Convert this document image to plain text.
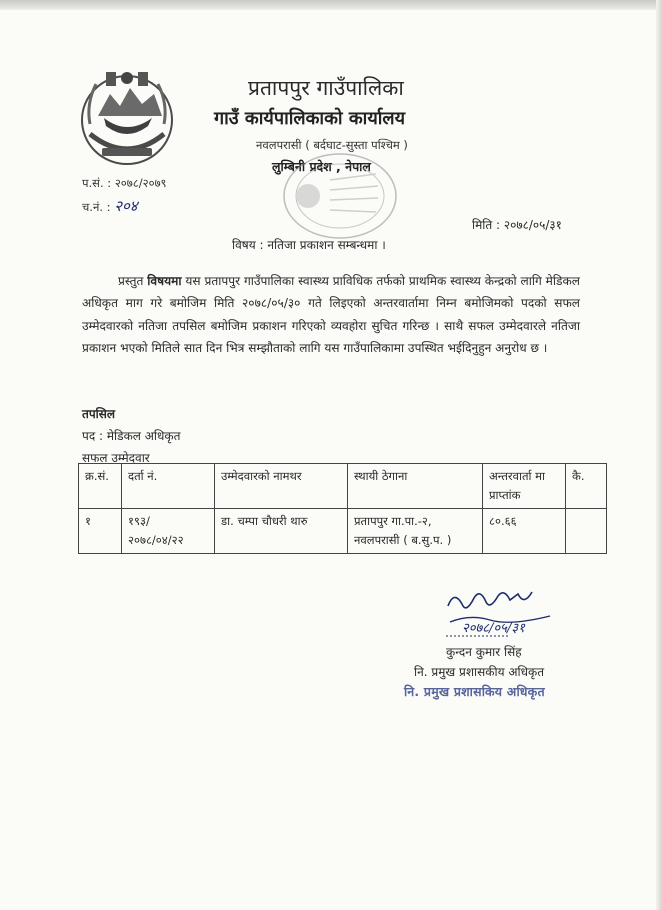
प्रतापपुर गाउँपालिका
गाउँ कार्यपालिकाको कार्यालय
नवलपरासी ( बर्दघाट-सुस्ता पश्चिम )
लुम्बिनी प्रदेश , नेपाल
प.सं. : २०७८/२०७९
च.नं. : २०४
मिति : २०७८/०५/३१
विषय : नतिजा प्रकाशन सम्बन्धमा ।

प्रस्तुत विषयमा यस प्रतापपुर गाउँपालिका स्वास्थ्य प्राविधिक तर्फको प्राथमिक स्वास्थ्य केन्द्रको लागि मेडिकल अधिकृत माग गरे बमोजिम मिति २०७८/०५/३० गते लिइएको अन्तरवार्तामा निम्न बमोजिमको पदको सफल उम्मेदवारको नतिजा तपसिल बमोजिम प्रकाशन गरिएको व्यवहोरा सुचित गरिन्छ । साथै सफल उम्मेदवारले नतिजा प्रकाशन भएको मितिले सात दिन भित्र सम्झौताको लागि यस गाउँपालिकामा उपस्थित भईदिनुहुन अनुरोध छ ।

तपसिल
पद : मेडिकल अधिकृत
सफल उम्मेदवार
क्र.सं.	दर्ता नं.	उम्मेदवारको नामथर	स्थायी ठेगाना	अन्तरवार्ता मा प्राप्तांक	कै.
१	१९३/ २०७८/०४/२२	डा. चम्पा चौधरी थारु	प्रतापपुर गा.पा.-२, नवलपरासी ( ब.सु.प. )	८०.६६	
२०७८/०५/३१
कुन्दन कुमार सिंह
नि. प्रमुख प्रशासकीय अधिकृत
नि. प्रमुख प्रशासकिय अधिकृत
